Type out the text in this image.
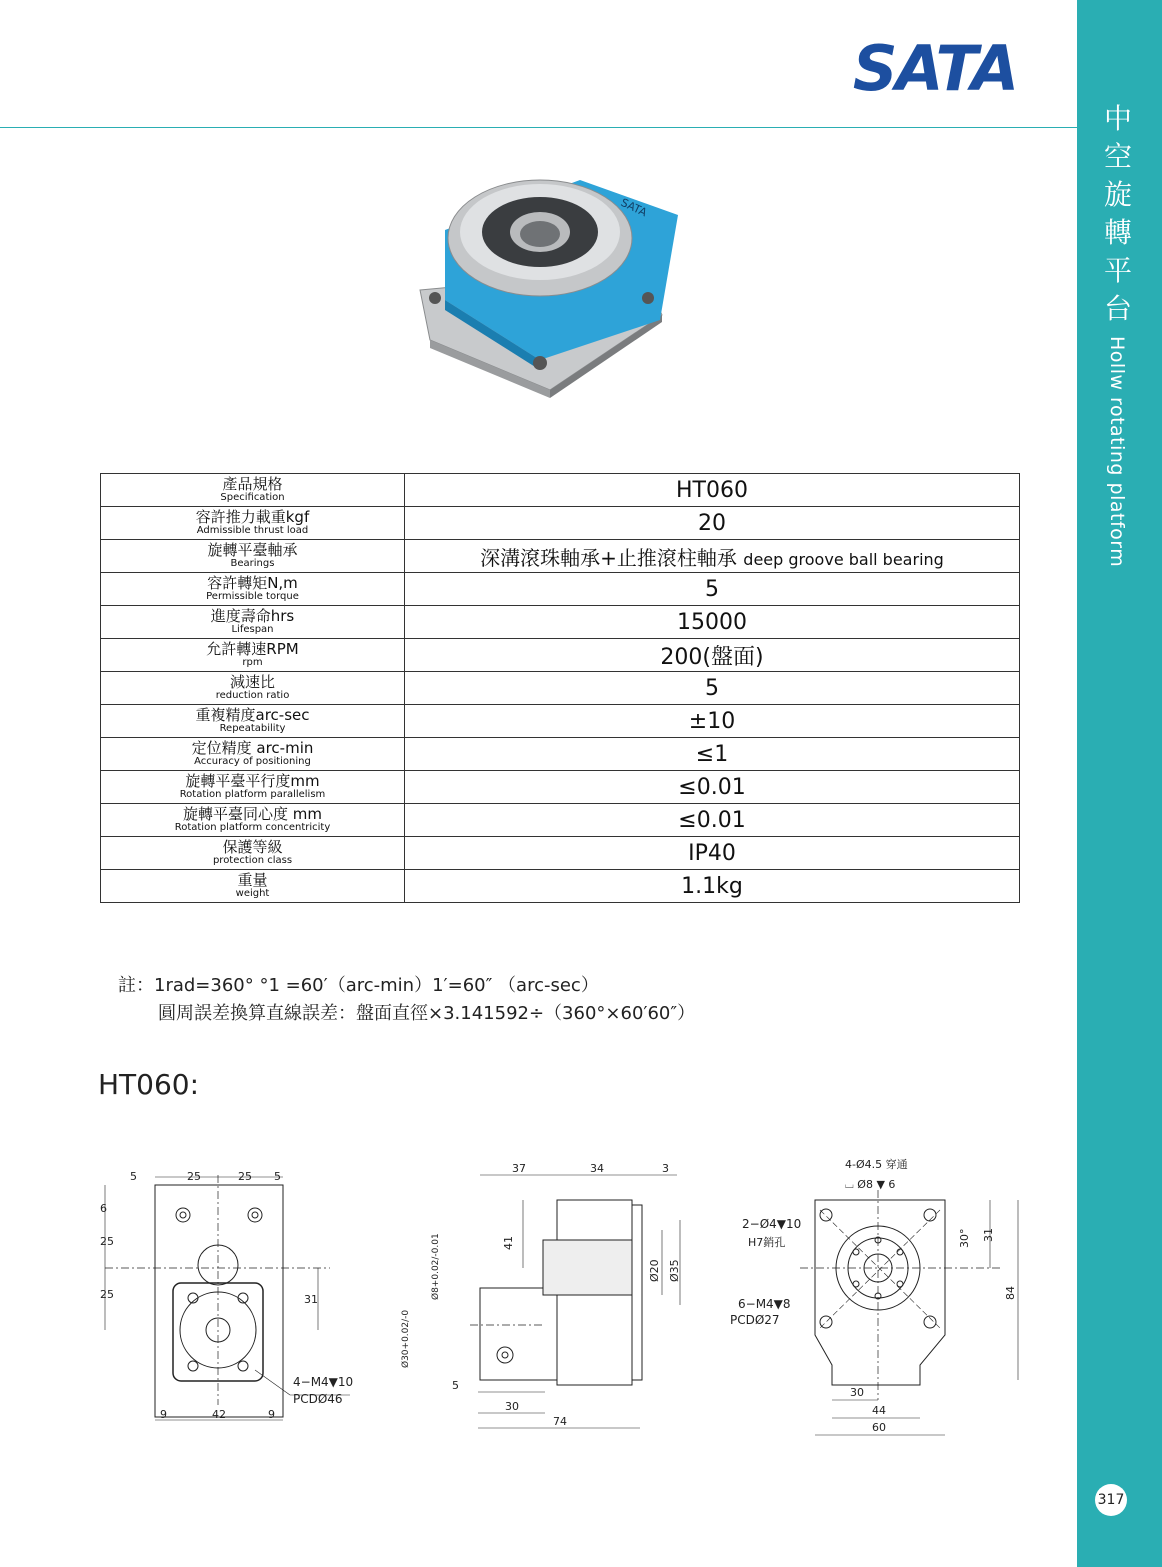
中空旋轉平台
Hollw rotating platform
317
SATA
SATA
產品規格
Specification	HT060

容許推力載重kgf
Admissible thrust load	20

旋轉平臺軸承
Bearings	深溝滾珠軸承+止推滾柱軸承 deep groove ball bearing

容許轉矩N,m
Permissible torque	5

進度壽命hrs
Lifespan	15000

允許轉速RPM
rpm	200(盤面)

減速比
reduction ratio	5

重複精度arc-sec
Repeatability	±10

定位精度 arc-min
Accuracy of positioning	≤1

旋轉平臺平行度mm
Rotation platform parallelism	≤0.01

旋轉平臺同心度 mm
Rotation platform concentricity	≤0.01

保護等級
protection class	IP40

重量
weight	1.1kg
註：1rad=360° °1 =60′（arc-min）1′=60″ （arc-sec）
圓周誤差換算直線誤差：盤面直徑×3.141592÷（360°×60′60″）
HT060:
5	25	25 5
6
25
25	31
9	42	9
4−M4▼10
PCDØ46
37	34	3
41
Ø20 Ø35
Ø8+0.02/-0.01
Ø30+0.02/-0
5
30
74
4-Ø4.5 穿通
⌴ Ø8 ▼ 6
2−Ø4▼10
H7銷孔
6−M4▼8
PCDØ27
30° 31
84
30
44
60
